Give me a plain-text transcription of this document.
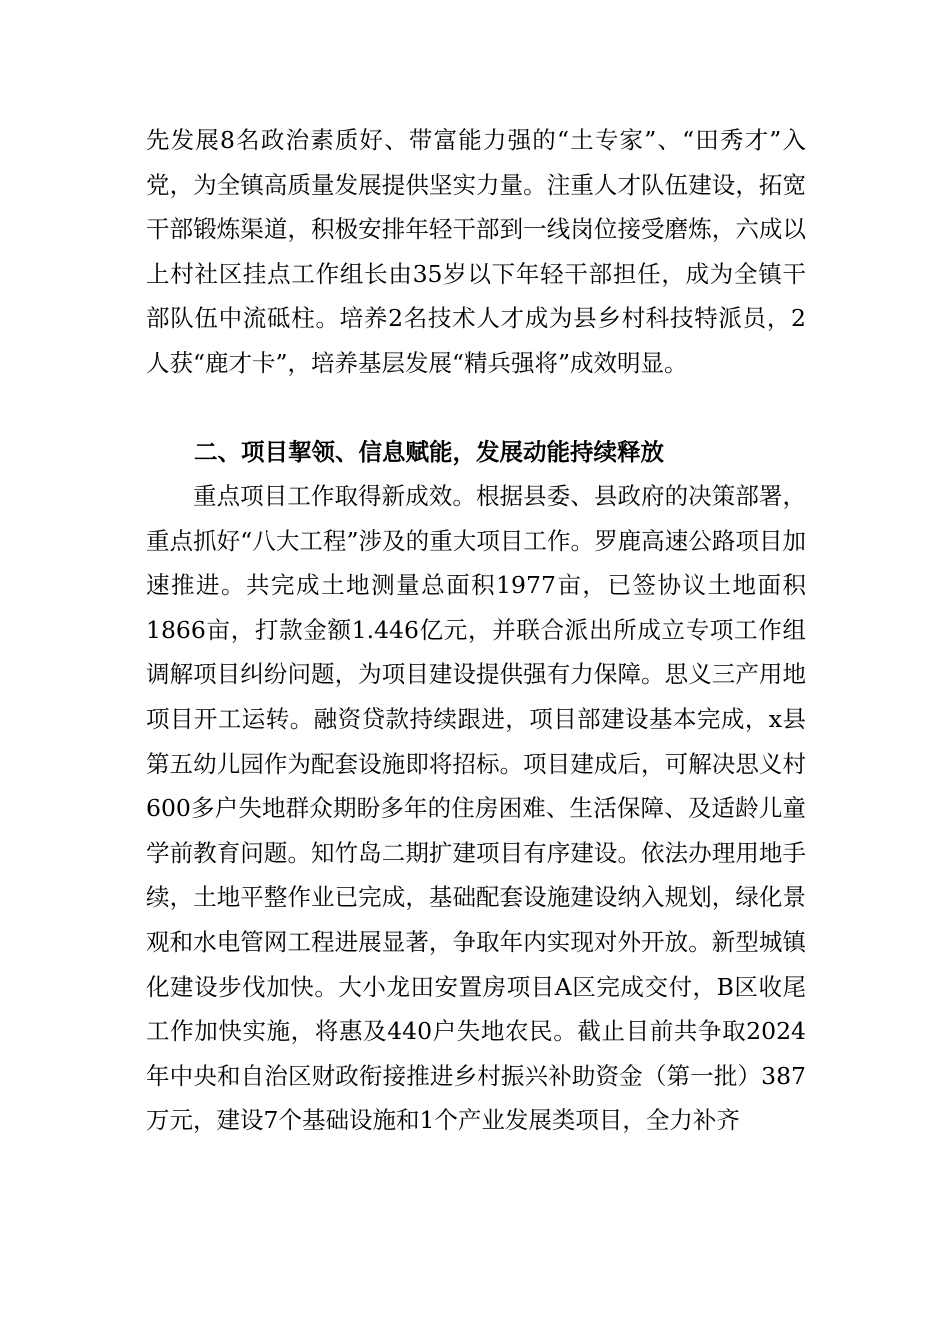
先发展8名政治素质好、带富能力强的“土专家”、“田秀才”入党，为全镇高质量发展提供坚实力量。注重人才队伍建设，拓宽干部锻炼渠道，积极安排年轻干部到一线岗位接受磨炼，六成以上村社区挂点工作组长由35岁以下年轻干部担任，成为全镇干部队伍中流砥柱。培养2名技术人才成为县乡村科技特派员，2人获“鹿才卡”，培养基层发展“精兵强将”成效明显。

二、项目挈领、信息赋能，发展动能持续释放

重点项目工作取得新成效。根据县委、县政府的决策部署，重点抓好“八大工程”涉及的重大项目工作。罗鹿高速公路项目加速推进。共完成土地测量总面积1977亩，已签协议土地面积1866亩，打款金额1.446亿元，并联合派出所成立专项工作组调解项目纠纷问题，为项目建设提供强有力保障。思义三产用地项目开工运转。融资贷款持续跟进，项目部建设基本完成，x县第五幼儿园作为配套设施即将招标。项目建成后，可解决思义村600多户失地群众期盼多年的住房困难、生活保障、及适龄儿童学前教育问题。知竹岛二期扩建项目有序建设。依法办理用地手续，土地平整作业已完成，基础配套设施建设纳入规划，绿化景观和水电管网工程进展显著，争取年内实现对外开放。新型城镇化建设步伐加快。大小龙田安置房项目A区完成交付，B区收尾工作加快实施，将惠及440户失地农民。截止目前共争取2024年中央和自治区财政衔接推进乡村振兴补助资金（第一批）387万元，建设7个基础设施和1个产业发展类项目，全力补齐
